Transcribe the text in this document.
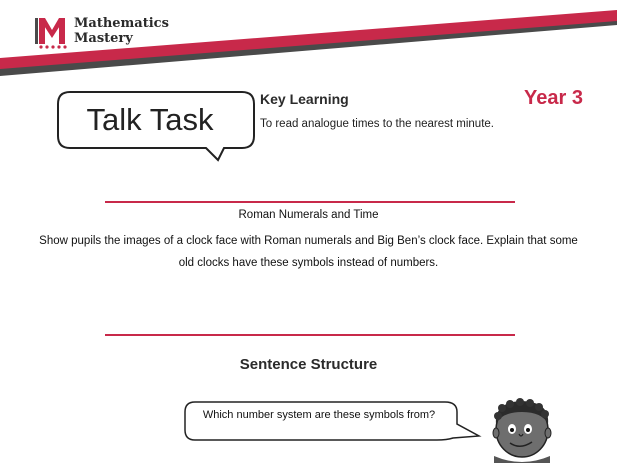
Mathematics
Mastery
Talk Task
Key Learning
To read analogue times to the nearest minute.
Year 3
Roman Numerals and Time
Show pupils the images of a clock face with Roman numerals and Big Ben’s clock face. Explain that some old clocks have these symbols instead of numbers.
Sentence Structure
Which number system are these symbols from?
